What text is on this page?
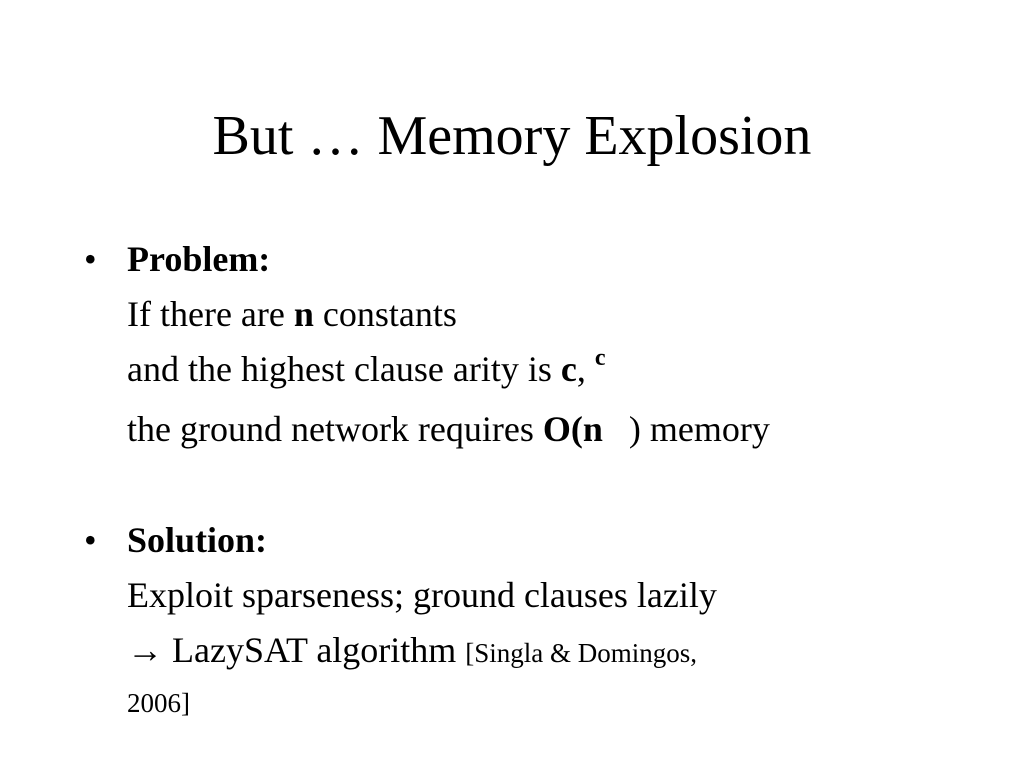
But … Memory Explosion
• Problem:
If there are n constants
and the highest clause arity is c, $^c$
the ground network requires O(n ) memory
• Solution:
Exploit sparseness; ground clauses lazily
→ LazySAT algorithm [Singla & Domingos,
2006]
